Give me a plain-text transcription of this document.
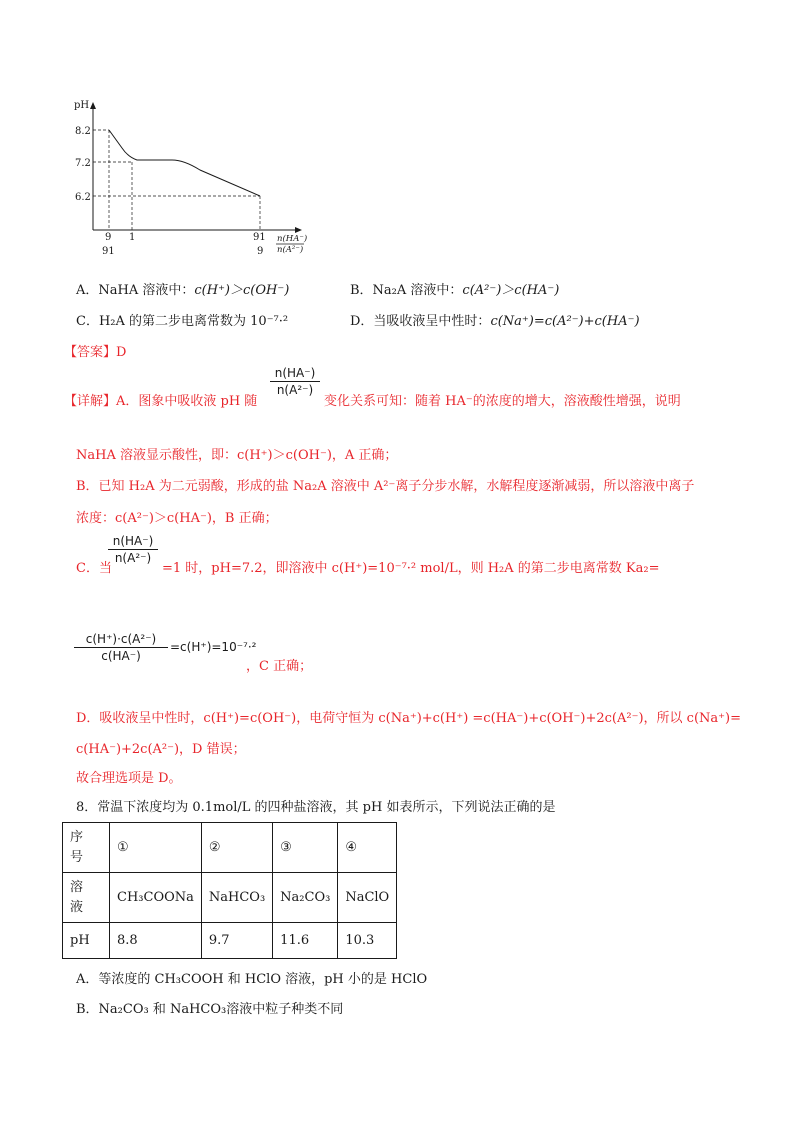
pH
8.2
7.2
6.2
9
91
1	91
9
n(HA⁻)
n(A²⁻)
A．NaHA 溶液中：c(H⁺)＞c(OH⁻)	B．Na₂A 溶液中：c(A²⁻)＞c(HA⁻)
C．H₂A 的第二步电离常数为 10⁻⁷·²	D．当吸收液呈中性时：c(Na⁺)=c(A²⁻)+c(HA⁻)
【答案】D
【详解】A．图象中吸收液 pH 随
n(HA⁻)
n(A²⁻)
变化关系可知：随着 HA⁻的浓度的增大，溶液酸性增强，说明
NaHA 溶液显示酸性，即：c(H⁺)＞c(OH⁻)，A 正确；
B．已知 H₂A 为二元弱酸，形成的盐 Na₂A 溶液中 A²⁻离子分步水解，水解程度逐渐减弱，所以溶液中离子
浓度：c(A²⁻)＞c(HA⁻)，B 正确；
C．当
n(HA⁻)
n(A²⁻)
=1 时，pH=7.2，即溶液中 c(H⁺)=10⁻⁷·² mol/L，则 H₂A 的第二步电离常数 Ka₂=
c(H⁺)·c(A²⁻)
c(HA⁻)
=c(H⁺)=10⁻⁷·²
，C 正确；
D．吸收液呈中性时，c(H⁺)=c(OH⁻)，电荷守恒为 c(Na⁺)+c(H⁺) =c(HA⁻)+c(OH⁻)+2c(A²⁻)，所以 c(Na⁺)=
c(HA⁻)+2c(A²⁻)，D 错误；
故合理选项是 D。
8．常温下浓度均为 0.1mol/L 的四种盐溶液，其 pH 如表所示，下列说法正确的是
序号	①	②	③	④

溶液	CH₃COONa	NaHCO₃	Na₂CO₃	NaClO
pH	8.8	9.7	11.6	10.3
A．等浓度的 CH₃COOH 和 HClO 溶液，pH 小的是 HClO
B．Na₂CO₃ 和 NaHCO₃溶液中粒子种类不同
